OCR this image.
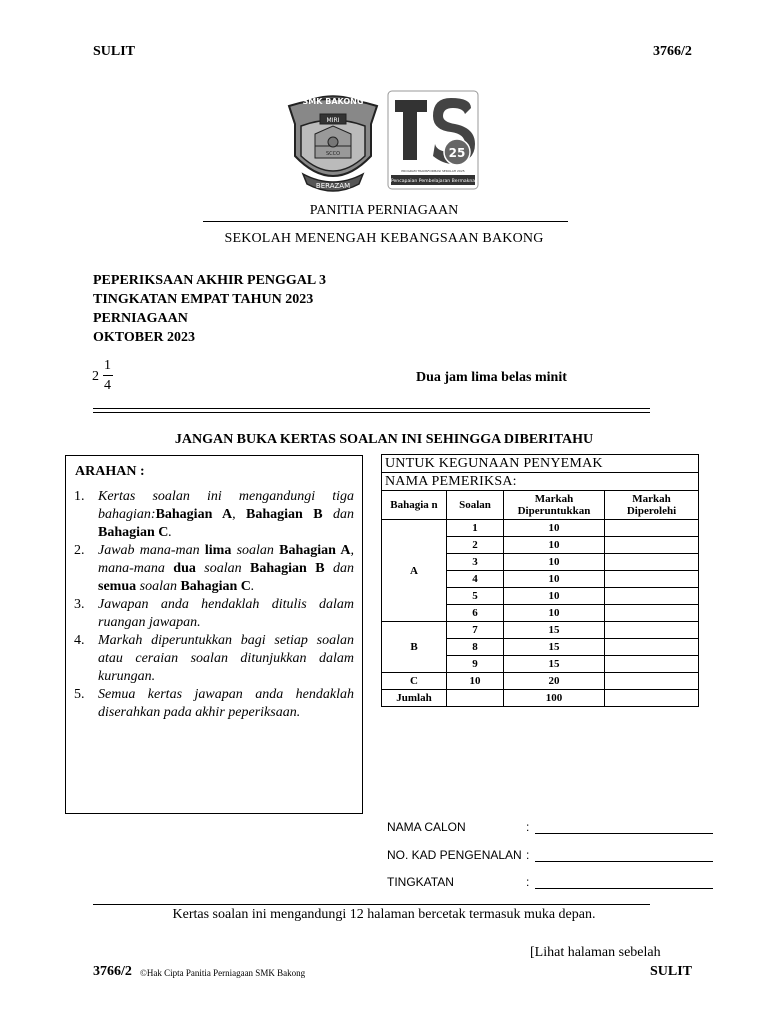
SULIT	3766/2
SMK BAKONG
MIRI
SCCO
BERAZAM
25
PROGRAM TRANSFORMASI SEKOLAH 2025
Pencapaian Pembelajaran Bermakna
PANITIA PERNIAGAAN
SEKOLAH MENENGAH KEBANGSAAN BAKONG
PEPERIKSAAN AKHIR PENGGAL 3
TINGKATAN EMPAT TAHUN 2023
PERNIAGAAN
OKTOBER 2023
2
1
4
Dua jam lima belas minit
JANGAN BUKA KERTAS SOALAN INI SEHINGGA DIBERITAHU
ARAHAN :
1. Kertas soalan ini mengandungi tiga bahagian:Bahagian A, Bahagian B dan Bahagian C.
2. Jawab mana-man lima soalan Bahagian A, mana-mana dua soalan Bahagian B dan semua soalan Bahagian C.
3. Jawapan anda hendaklah ditulis dalam ruangan jawapan.
4. Markah diperuntukkan bagi setiap soalan atau ceraian soalan ditunjukkan dalam kurungan.
5. Semua kertas jawapan anda hendaklah diserahkan pada akhir peperiksaan.
UNTUK KEGUNAAN PENYEMAK			
NAMA PEMERIKSA:			
Bahagia n	Soalan	Markah Diperuntukkan	Markah Diperolehi
A	1	10	
	2	10	
	3	10	
	4	10	
	5	10	
	6	10	
B	7	15	
	8	15	
	9	15	
C	10	20	
Jumlah		100	
NAMA CALON	:
NO. KAD PENGENALAN :
TINGKATAN	:
Kertas soalan ini mengandungi 12 halaman bercetak termasuk muka depan.
[Lihat halaman sebelah
3766/2 ©Hak Cipta Panitia Perniagaan SMK Bakong	SULIT
